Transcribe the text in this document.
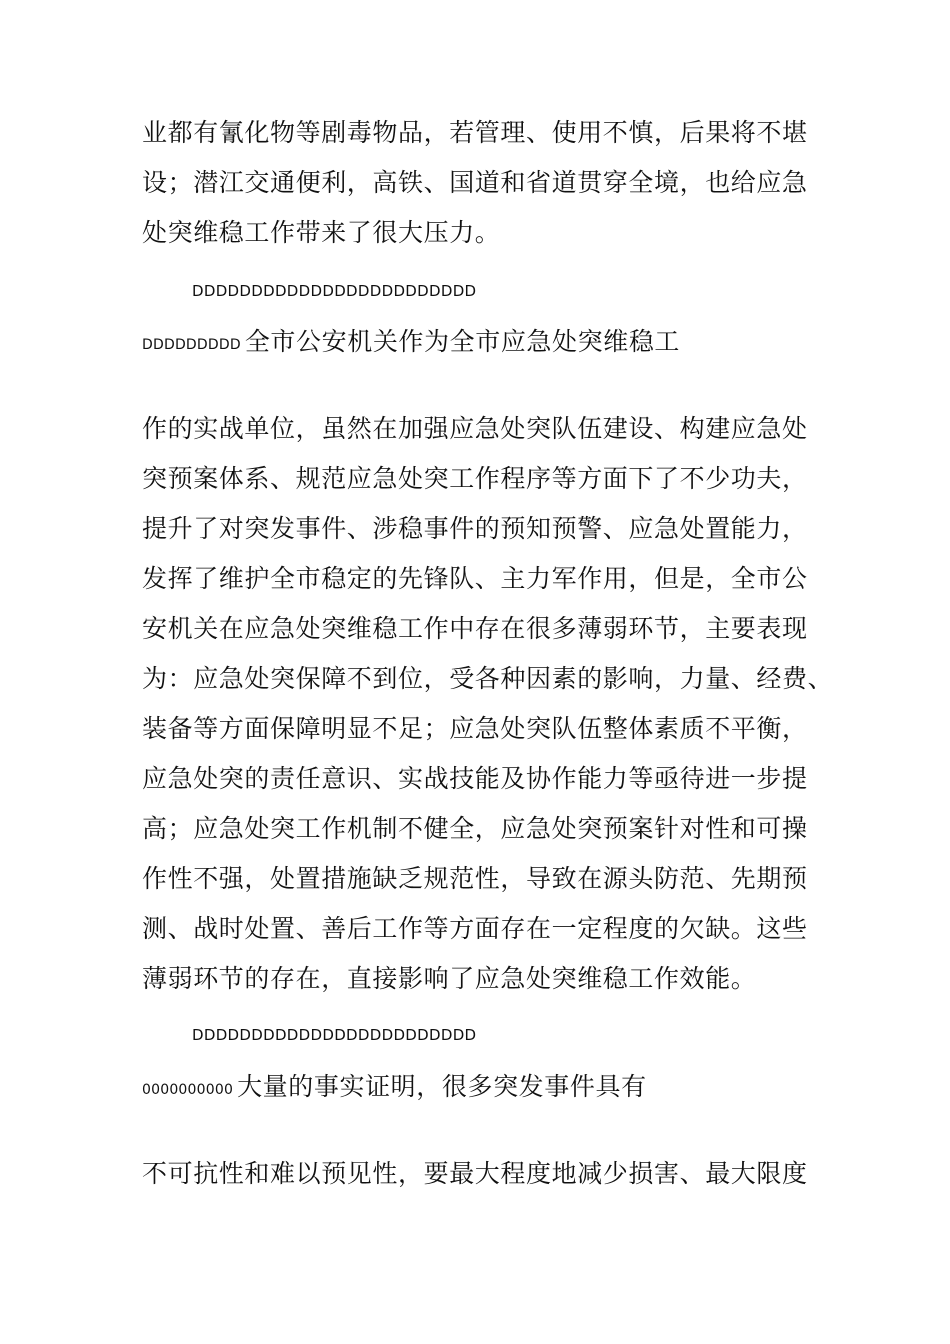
业都有氰化物等剧毒物品，若管理、使用不慎，后果将不堪
设；潜江交通便利，高铁、国道和省道贯穿全境，也给应急
处突维稳工作带来了很大压力。
DDDDDDDDDDDDDDDDDDDDDDDD
DDDDDDDDD 全市公安机关作为全市应急处突维稳工
作的实战单位，虽然在加强应急处突队伍建设、构建应急处
突预案体系、规范应急处突工作程序等方面下了不少功夫，
提升了对突发事件、涉稳事件的预知预警、应急处置能力，
发挥了维护全市稳定的先锋队、主力军作用，但是，全市公
安机关在应急处突维稳工作中存在很多薄弱环节，主要表现
为：应急处突保障不到位，受各种因素的影响，力量、经费、
装备等方面保障明显不足；应急处突队伍整体素质不平衡，
应急处突的责任意识、实战技能及协作能力等亟待进一步提
高；应急处突工作机制不健全，应急处突预案针对性和可操
作性不强，处置措施缺乏规范性，导致在源头防范、先期预
测、战时处置、善后工作等方面存在一定程度的欠缺。这些
薄弱环节的存在，直接影响了应急处突维稳工作效能。
DDDDDDDDDDDDDDDDDDDDDDDD
0000000000 大量的事实证明，很多突发事件具有
不可抗性和难以预见性，要最大程度地减少损害、最大限度
